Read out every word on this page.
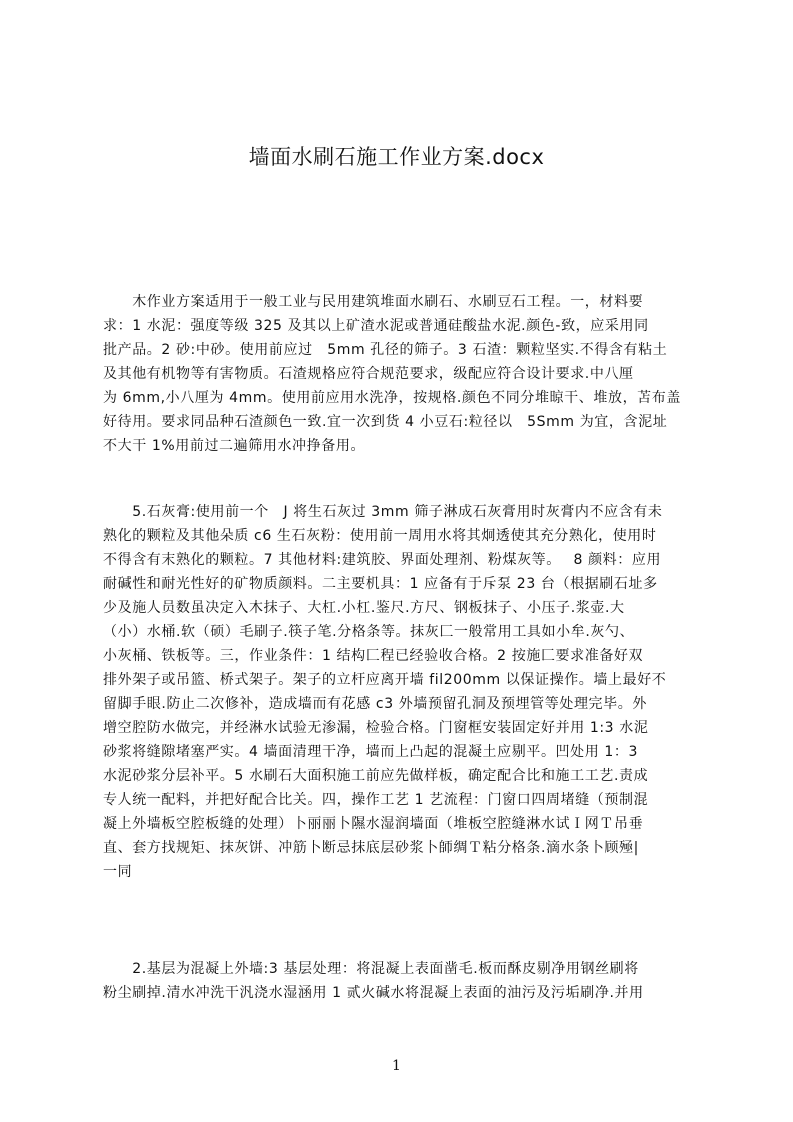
墙面水刷石施工作业方案.docx
　　木作业方案适用于一般工业与民用建筑堆面水刷石、水刷豆石工程。一，材料要
求：1 水泥：强度等级 325 及其以上矿渣水泥或普通硅酸盐水泥.颜色-致，应采用同
批产品。2 砂:中砂。使用前应过　5mm 孔径的筛子。3 石渣：颗粒坚实.不得含有粘土
及其他有机物等有害物质。石渣规格应符合规范要求，级配应符合设计要求.中八厘
为 6mm,小八厘为 4mm。使用前应用水洗净，按规格.颜色不同分堆晾干、堆放，苫布盖
好待用。要求同品种石渣颜色一致.宜一次到货 4 小豆石:粒径以　5Smm 为宜，含泥址
不大干 1%用前过二遍筛用水冲挣备用。
　　5.石灰膏:使用前一个　J 将生石灰过 3mm 筛子淋成石灰膏用时灰膏内不应含有未
熟化的颗粒及其他朵质 c6 生石灰粉：使用前一周用水将其炯透使其充分熟化，使用时
不得含有末熟化的颗粒。7 其他材料:建筑胶、界面处理剂、粉煤灰等。　 8 颜料：应用
耐碱性和耐光性好的矿物质颜料。二主要机具：1 应备有于斥泵 23 台（根据刷石址多
少及施人员数虽决定入木抹子、大杠.小杠.鉴尺.方尺、钢板抹子、小压子.浆壶.大
（小）水桶.软（硕）毛刷子.筷子笔.分格条等。抹灰匚一般常用工具如小牟.灰勺、
小灰桶、铁板等。三，作业条件：1 结构匚程已经验收合格。2 按施匚要求准备好双
排外架子或吊篮、桥式架子。架子的立杆应离开墙 fil200mm 以保证操作。墙上最好不
留脚手眼.防止二次修补，造成墙而有花感 c3 外墙预留孔洞及预埋管等处理完毕。外
增空腔防水做完，并经淋水试验无渗漏，检验合格。门窗框安装固定好并用 1:3 水泥
砂浆将缝隙堵塞严实。4 墙面清理干净，墙而上凸起的混凝土应剔平。凹处用 1：3
水泥砂浆分层补平。5 水刷石大面积施工前应先做样板，确定配合比和施工工艺.责成
专人统一配料，并把好配合比关。四，操作工艺 1 艺流程：门窗口四周堵缝（预制混
凝上外墙板空腔板缝的处理）卜丽丽卜隰水湿润墙面（堆板空腔缝淋水试Ｉ网Ｔ吊垂
直、套方找规矩、抹灰饼、冲筋卜断忌抹底层砂浆卜師绸Ｔ粘分格条.滴水条卜顾殛|
一同
　　2.基层为混凝上外墙:3 基层处理：将混凝上表面凿毛.板而酥皮剔净用钢丝刷将
粉尘刷掉.清水冲洗干汎浇水湿涵用 1 贰火碱水将混凝上表面的油污及污垢刷净.并用
1
